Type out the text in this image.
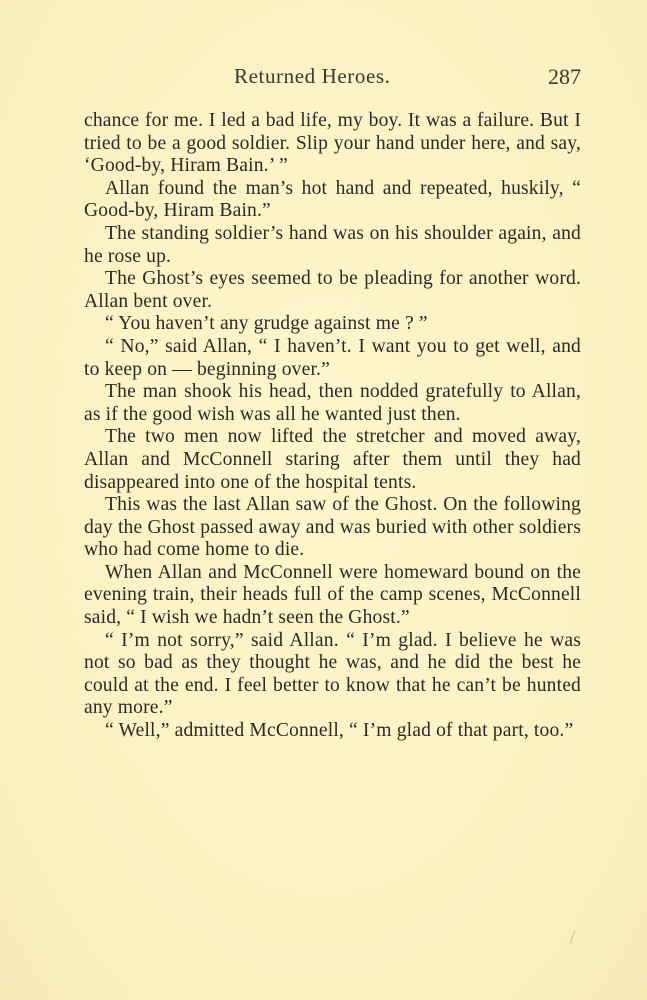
Returned Heroes.	287

chance for me. I led a bad life, my boy. It was a failure. But I tried to be a good soldier. Slip your hand under here, and say, ‘Good-by, Hiram Bain.’ ”

Allan found the man’s hot hand and repeated, huskily, “ Good-by, Hiram Bain.”

The standing soldier’s hand was on his shoulder again, and he rose up.

The Ghost’s eyes seemed to be pleading for another word. Allan bent over.

“ You haven’t any grudge against me ? ”

“ No,” said Allan, “ I haven’t. I want you to get well, and to keep on — beginning over.”

The man shook his head, then nodded gratefully to Allan, as if the good wish was all he wanted just then.

The two men now lifted the stretcher and moved away, Allan and McConnell staring after them until they had disappeared into one of the hospital tents.

This was the last Allan saw of the Ghost. On the following day the Ghost passed away and was buried with other soldiers who had come home to die.

When Allan and McConnell were homeward bound on the evening train, their heads full of the camp scenes, McConnell said, “ I wish we hadn’t seen the Ghost.”

“ I’m not sorry,” said Allan. “ I’m glad. I believe he was not so bad as they thought he was, and he did the best he could at the end. I feel better to know that he can’t be hunted any more.”

“ Well,” admitted McConnell, “ I’m glad of that part, too.”
